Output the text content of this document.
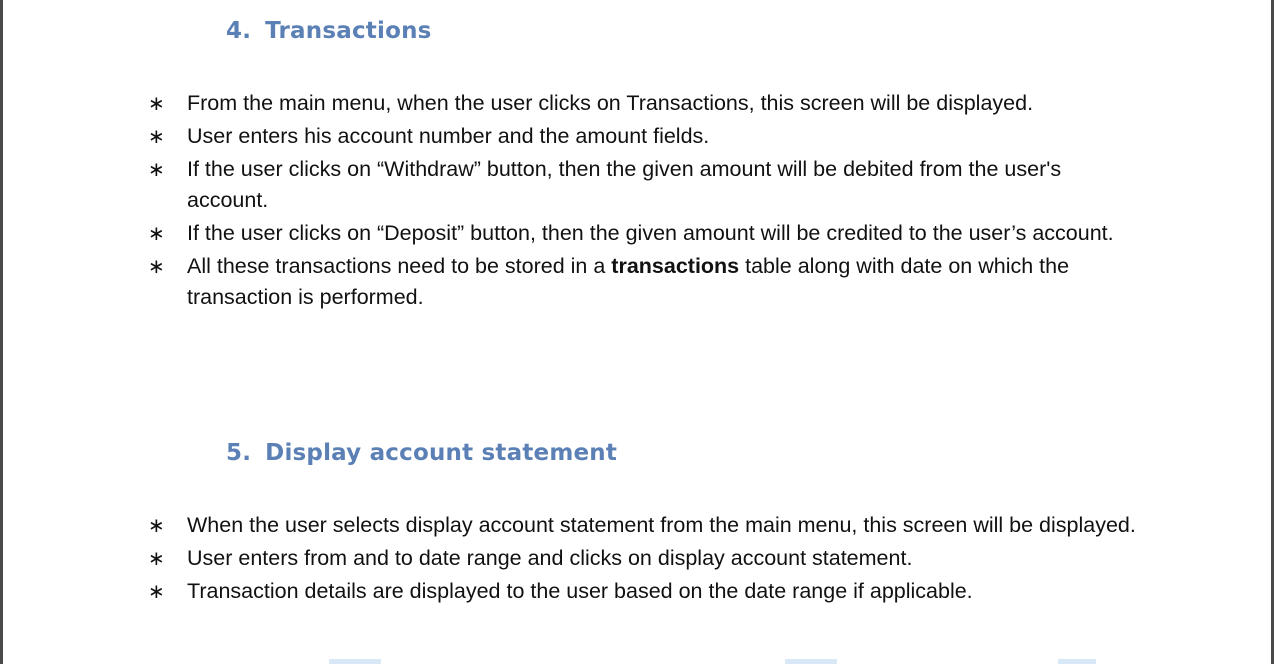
4. Transactions
∗ From the main menu, when the user clicks on Transactions, this screen will be displayed.
∗ User enters his account number and the amount fields.
∗ If the user clicks on “Withdraw” button, then the given amount will be debited from the user's account.
∗ If the user clicks on “Deposit” button, then the given amount will be credited to the user’s account.
∗ All these transactions need to be stored in a transactions table along with date on which the transaction is performed.
5. Display account statement
∗ When the user selects display account statement from the main menu, this screen will be displayed.
∗ User enters from and to date range and clicks on display account statement.
∗ Transaction details are displayed to the user based on the date range if applicable.
